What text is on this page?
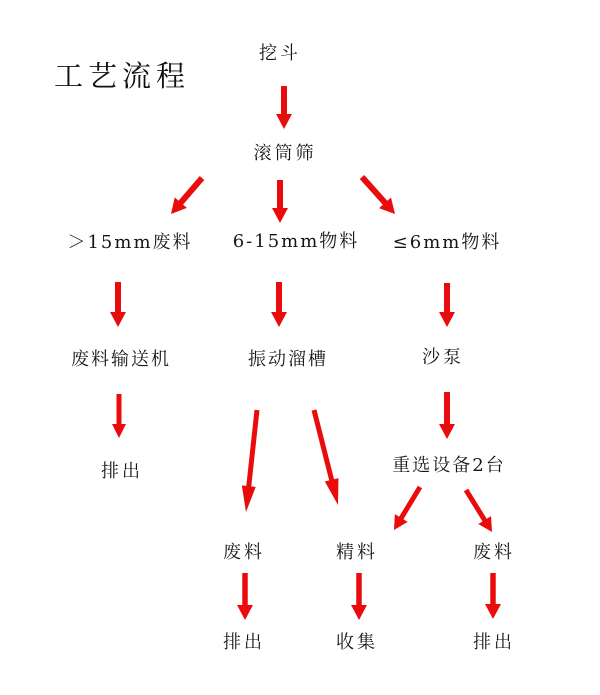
工艺流程
挖斗
滚筒筛
＞15mm废料 6-15mm物料 ≤6mm物料
废料输送机	振动溜槽	沙泵
排出	重选设备2台
废料	精料	废料
排出	收集	排出
